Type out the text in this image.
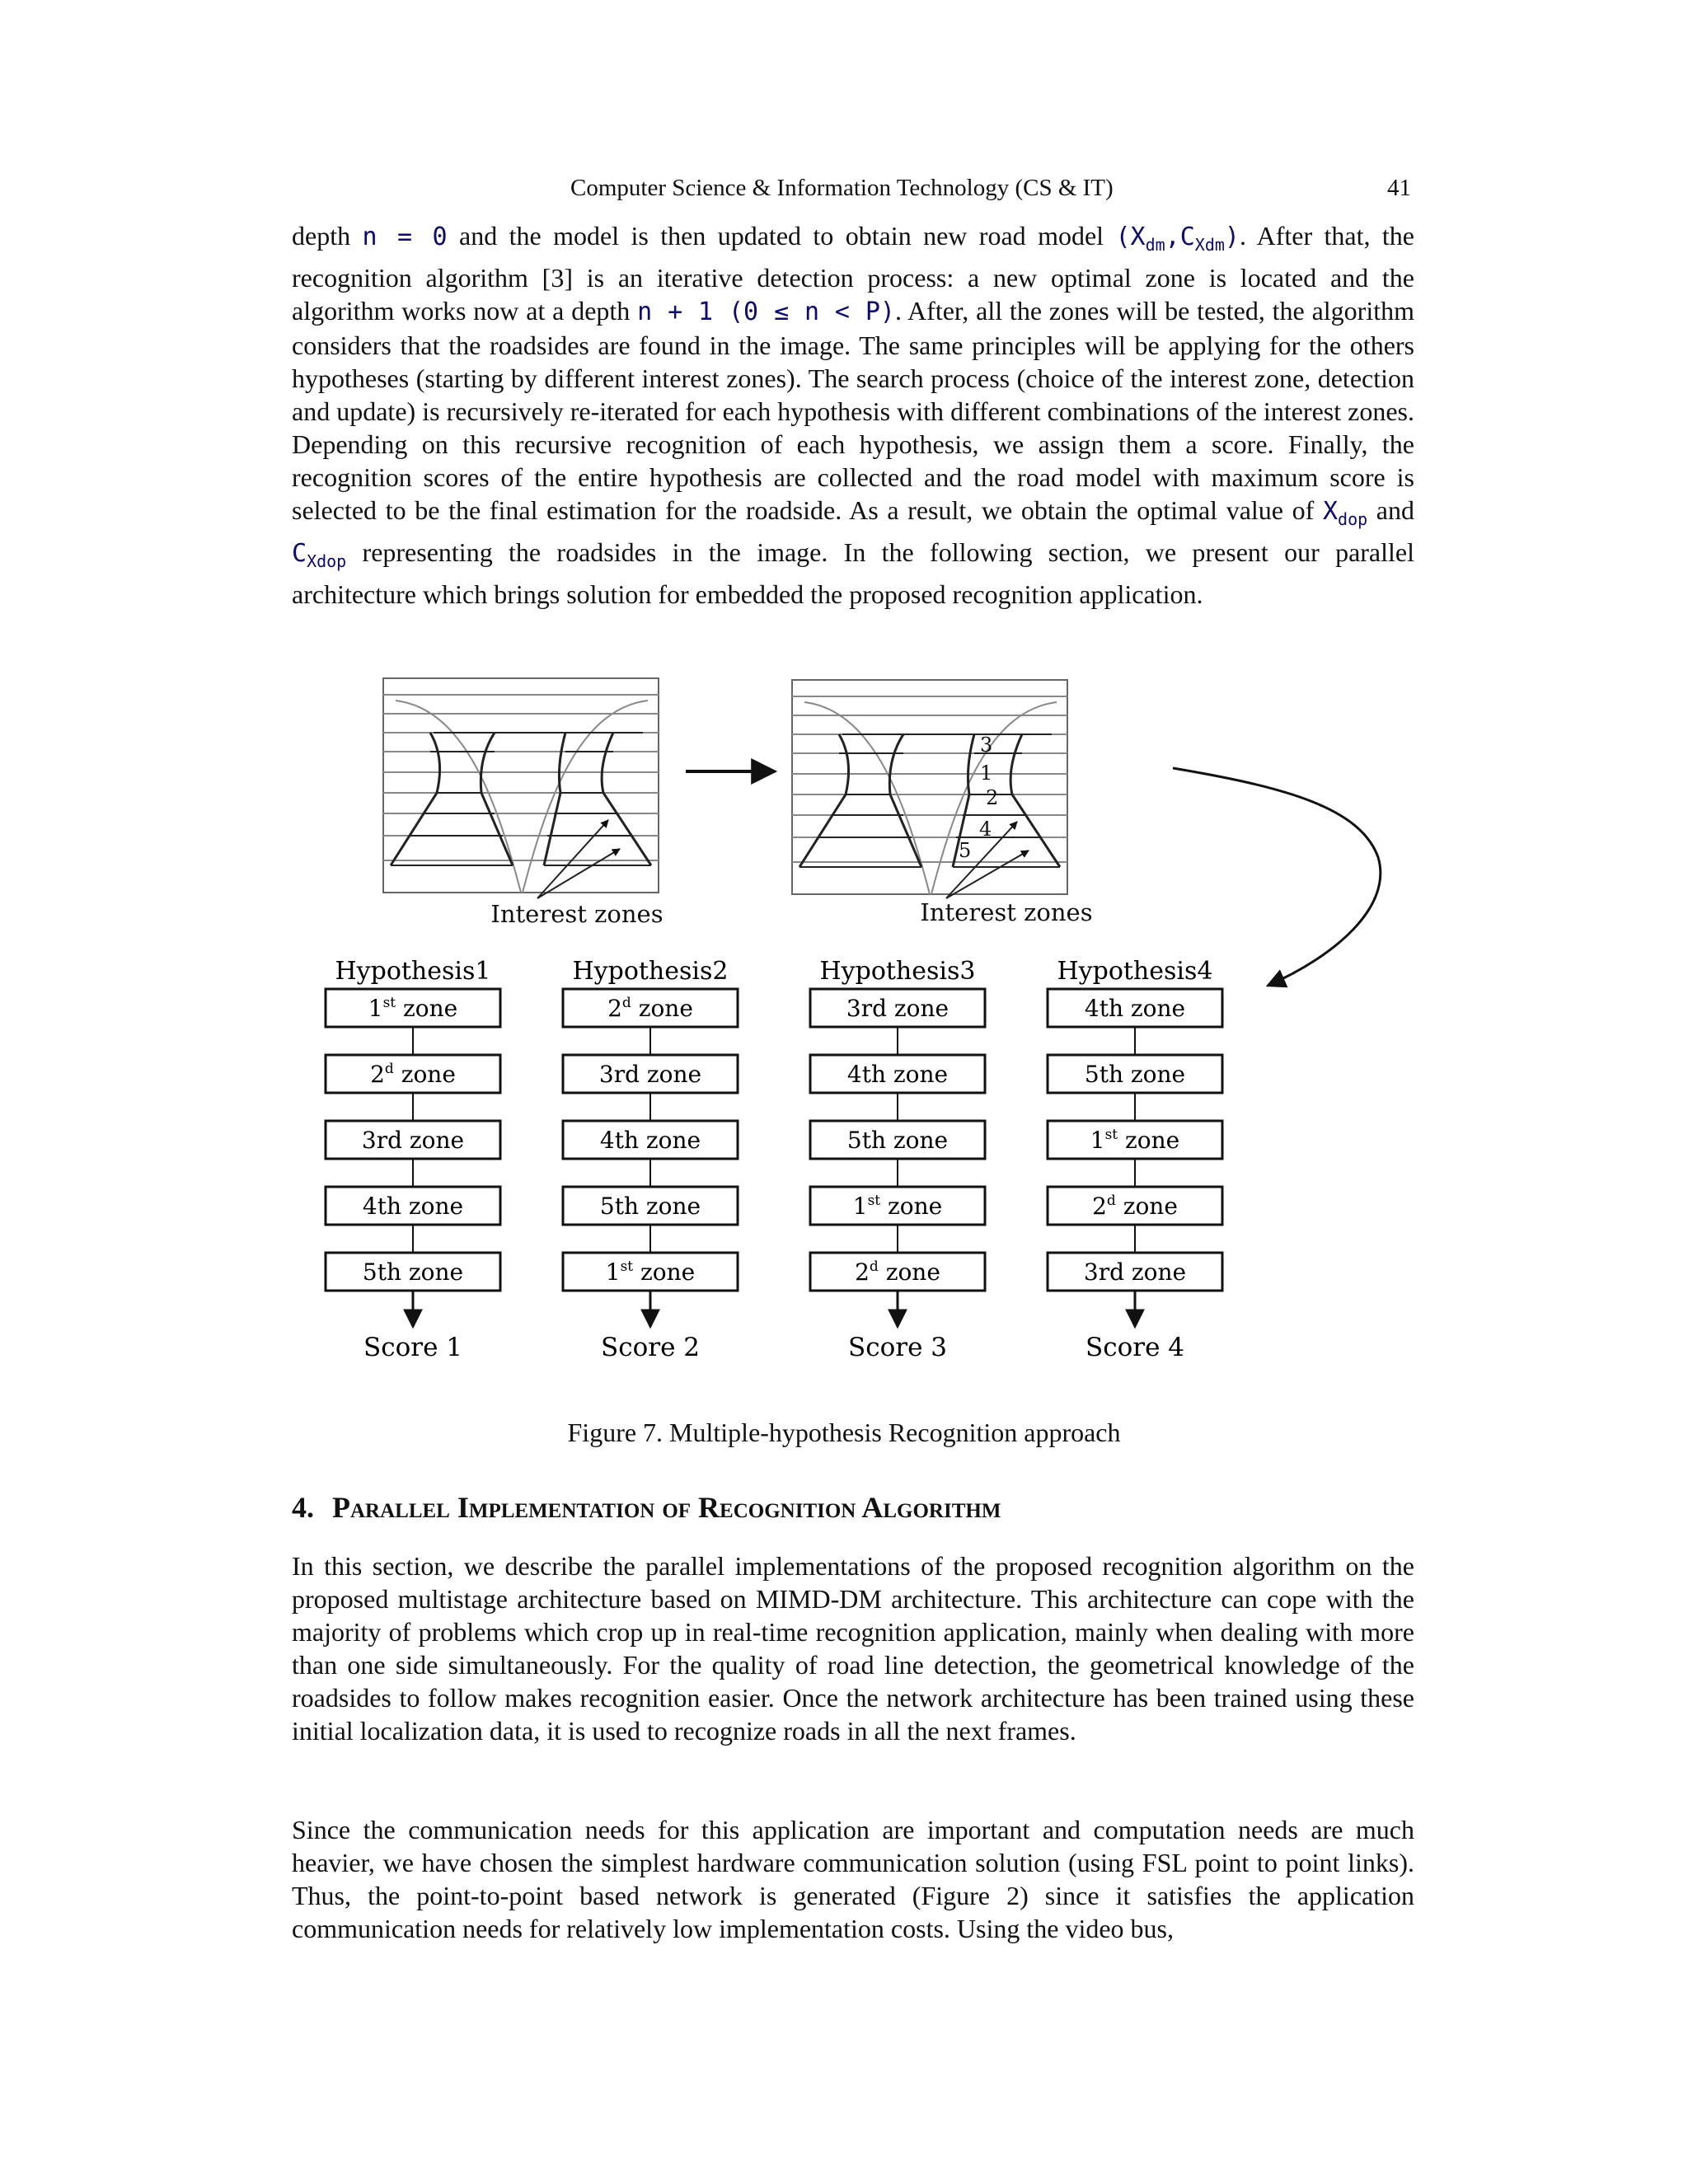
Computer Science & Information Technology (CS & IT)	41

depth n = 0 and the model is then updated to obtain new road model $(X_{dm},C_{Xdm})$. After that, the recognition algorithm [3] is an iterative detection process: a new optimal zone is located and the algorithm works now at a depth n + 1 (0 ≤ n < P). After, all the zones will be tested, the algorithm considers that the roadsides are found in the image. The same principles will be applying for the others hypotheses (starting by different interest zones). The search process (choice of the interest zone, detection and update) is recursively re-iterated for each hypothesis with different combinations of the interest zones. Depending on this recursive recognition of each hypothesis, we assign them a score. Finally, the recognition scores of the entire hypothesis are collected and the road model with maximum score is selected to be the final estimation for the roadside. As a result, we obtain the optimal value of $X_{dop}$ and $C_{Xdop}$ representing the roadsides in the image. In the following section, we present our parallel architecture which brings solution for embedded the proposed recognition application.

Interest zones
3
1
2
4
5
Interest zones
Hypothesis1
1st zone
2$^d$ zone
3rd zone
4th zone
5th zone
Score 1
Hypothesis2
2$^d$ zone
3rd zone
4th zone
5th zone
1st zone
Score 2
Hypothesis3
3rd zone
4th zone
5th zone
1st zone
2$^d$ zone
Score 3
Hypothesis4
4th zone
5th zone
1st zone
2$^d$ zone
3rd zone
Score 4
Figure 7. Multiple-hypothesis Recognition approach
4. Parallel Implementation of Recognition Algorithm

In this section, we describe the parallel implementations of the proposed recognition algorithm on the proposed multistage architecture based on MIMD-DM architecture. This architecture can cope with the majority of problems which crop up in real-time recognition application, mainly when dealing with more than one side simultaneously. For the quality of road line detection, the geometrical knowledge of the roadsides to follow makes recognition easier. Once the network architecture has been trained using these initial localization data, it is used to recognize roads in all the next frames.

Since the communication needs for this application are important and computation needs are much heavier, we have chosen the simplest hardware communication solution (using FSL point to point links). Thus, the point-to-point based network is generated (Figure 2) since it satisfies the application communication needs for relatively low implementation costs. Using the video bus,
